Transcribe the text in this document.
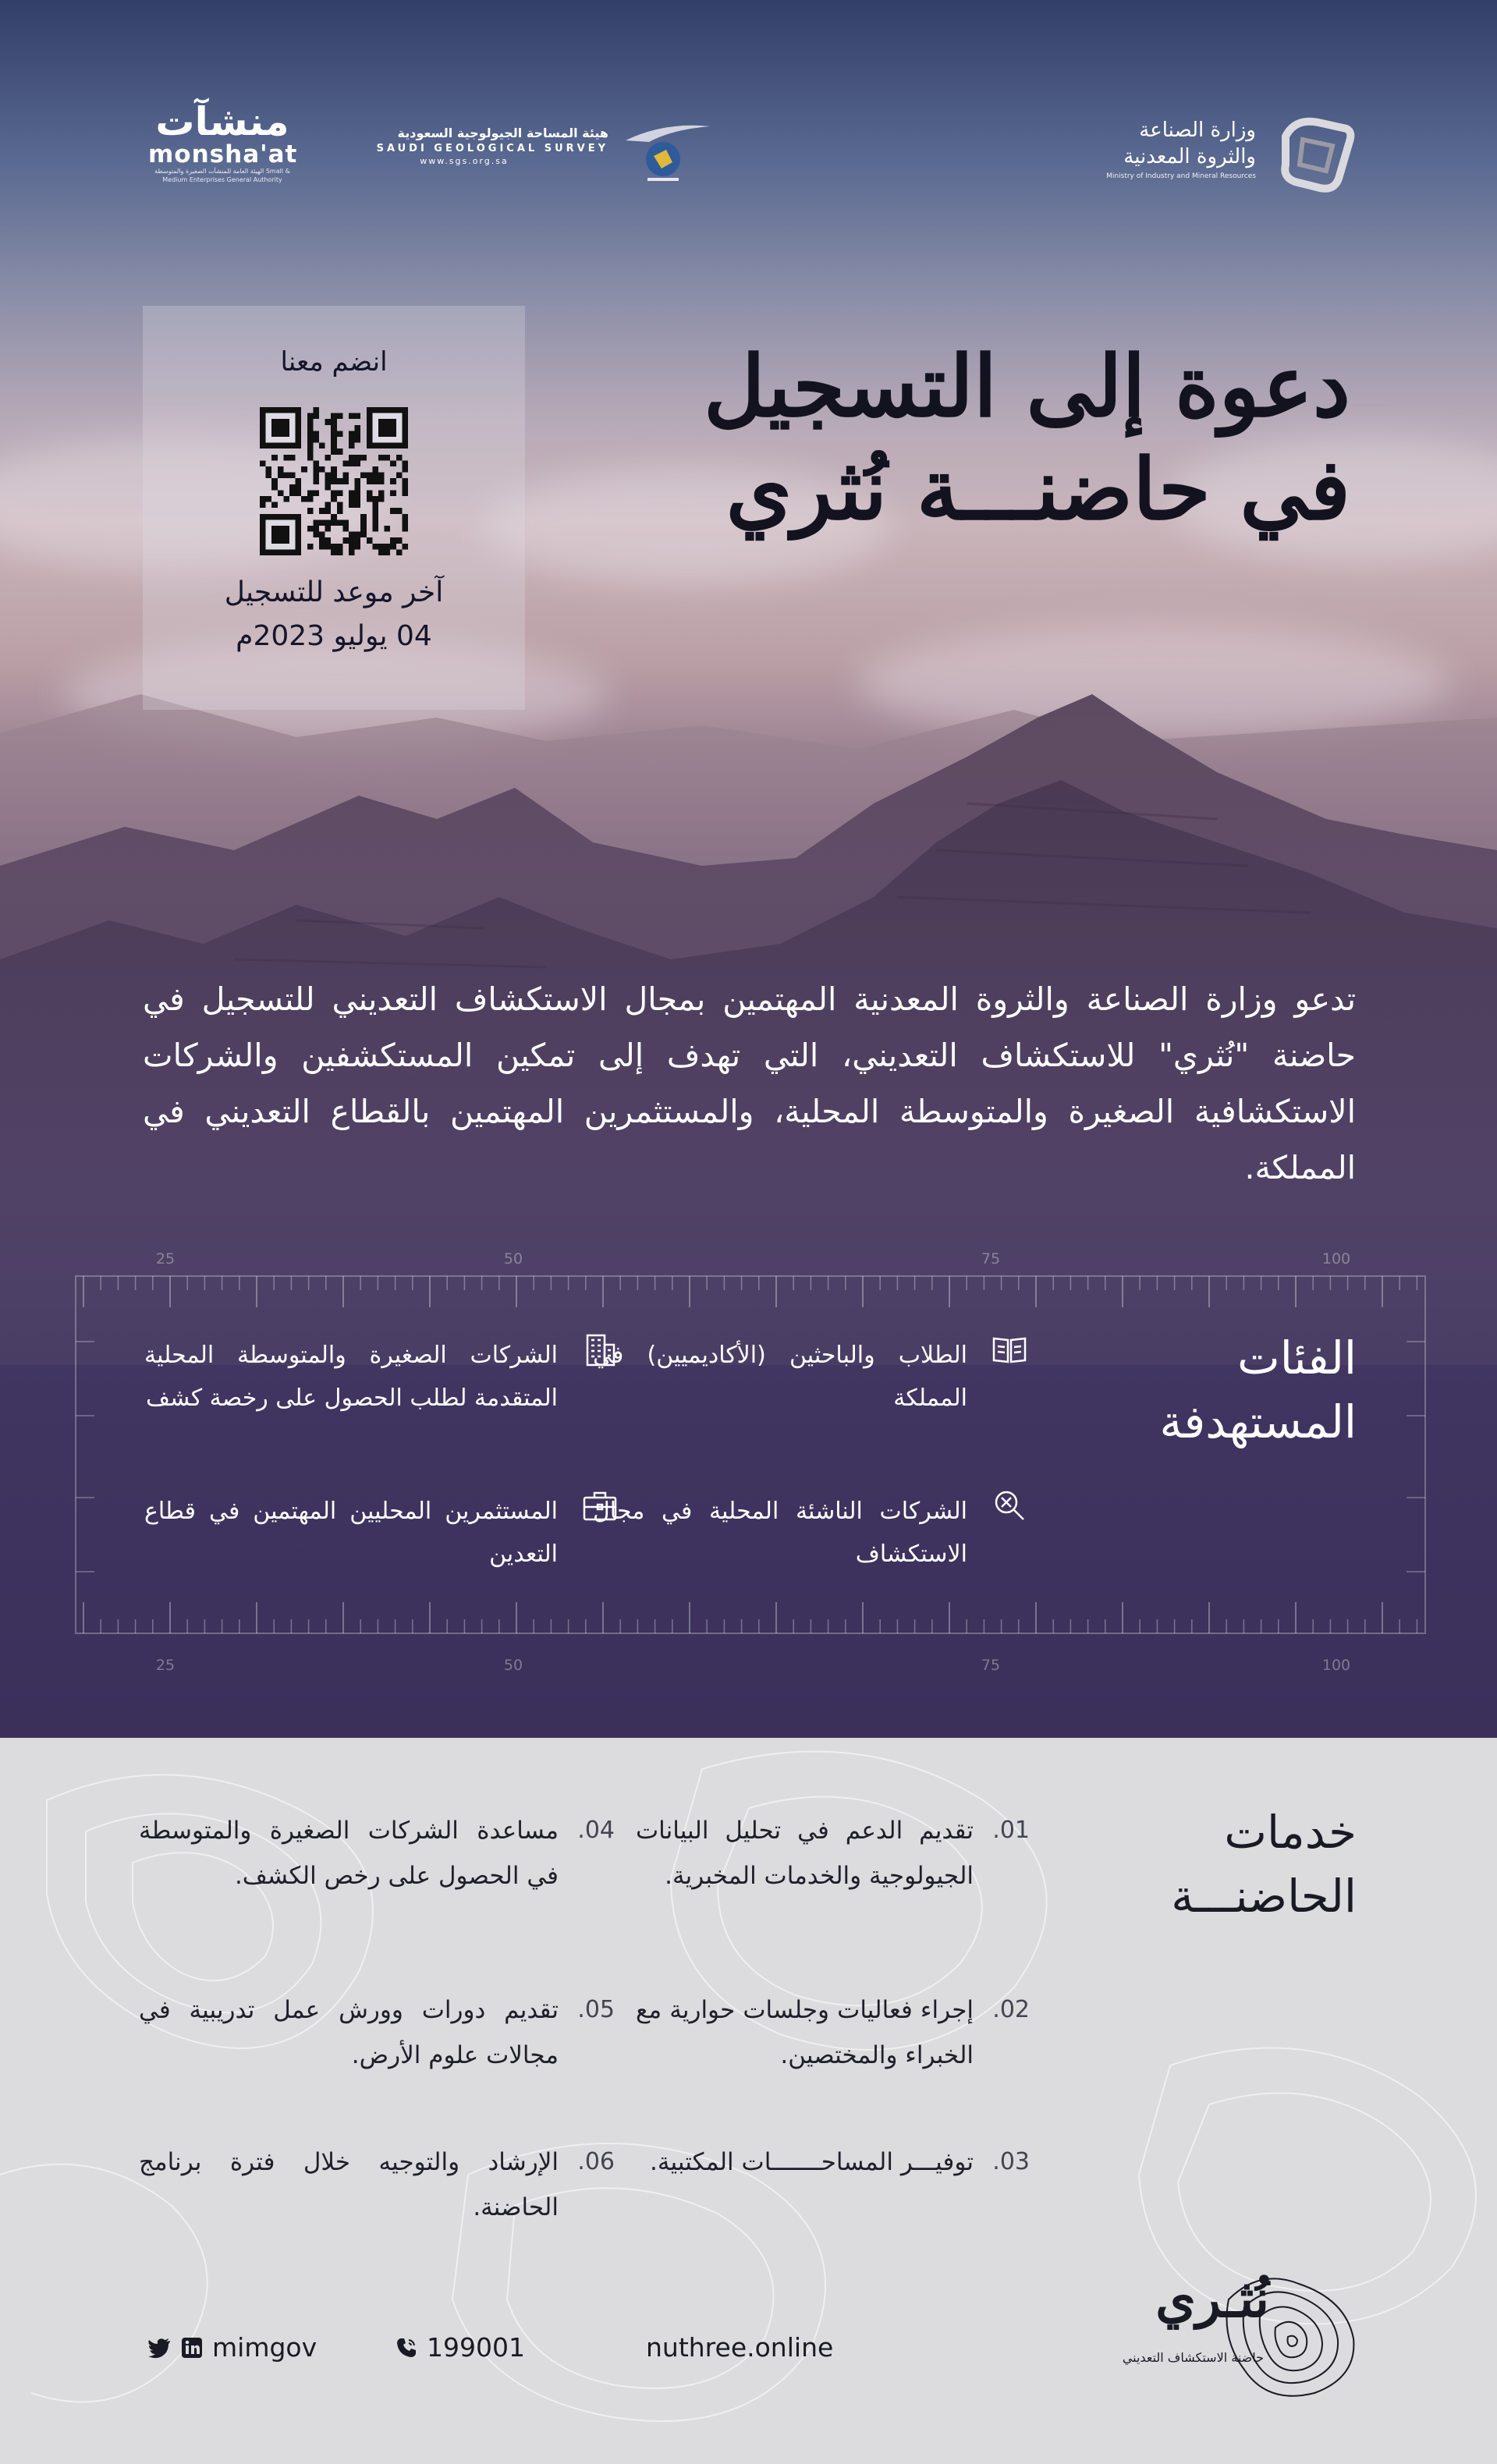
منشآت
monsha'at
الهيئة العامة للمنشآت الصغيرة والمتوسطة Small & Medium Enterprises General Authority
هيئة المساحة الجيولوجية السعودية
SAUDI GEOLOGICAL SURVEY
www.sgs.org.sa
وزارة الصناعة
والثروة المعدنية
Ministry of Industry and Mineral Resources
انضم معنا
آخر موعد للتسجيل
04 يوليو 2023م
دعوة إلى التسجيل
في حاضنـــة نُثري

تدعو وزارة الصناعة والثروة المعدنية المهتمين بمجال الاستكشاف التعديني للتسجيل في حاضنة "نُثري" للاستكشاف التعديني، التي تهدف إلى تمكين المستكشفين والشركات الاستكشافية الصغيرة والمتوسطة المحلية، والمستثمرين المهتمين بالقطاع التعديني في المملكة.

25	50	75	100
25	50	75	100
الفئات
المستهدفة

الطلاب والباحثين (الأكاديميين) في المملكة

الشركات الصغيرة والمتوسطة المحلية المتقدمة لطلب الحصول على رخصة كشف

الشركات الناشئة المحلية في مجال الاستكشاف

المستثمرين المحليين المهتمين في قطاع التعدين

خدمات
الحاضنـــة
01.

تقديم الدعم في تحليل البيانات الجيولوجية والخدمات المخبرية.

02.

إجراء فعاليات وجلسات حوارية مع الخبراء والمختصين.

03.

توفيـــر المساحـــــــات المكتبية.

04.

مساعدة الشركات الصغيرة والمتوسطة في الحصول على رخص الكشف.

05.

تقديم دورات وورش عمل تدريبية في مجالات علوم الأرض.

06.

الإرشاد والتوجيه خلال فترة برنامج الحاضنة.

نُثـري
حاضنة الاستكشاف التعديني
nuthree.online
199001
mimgov
